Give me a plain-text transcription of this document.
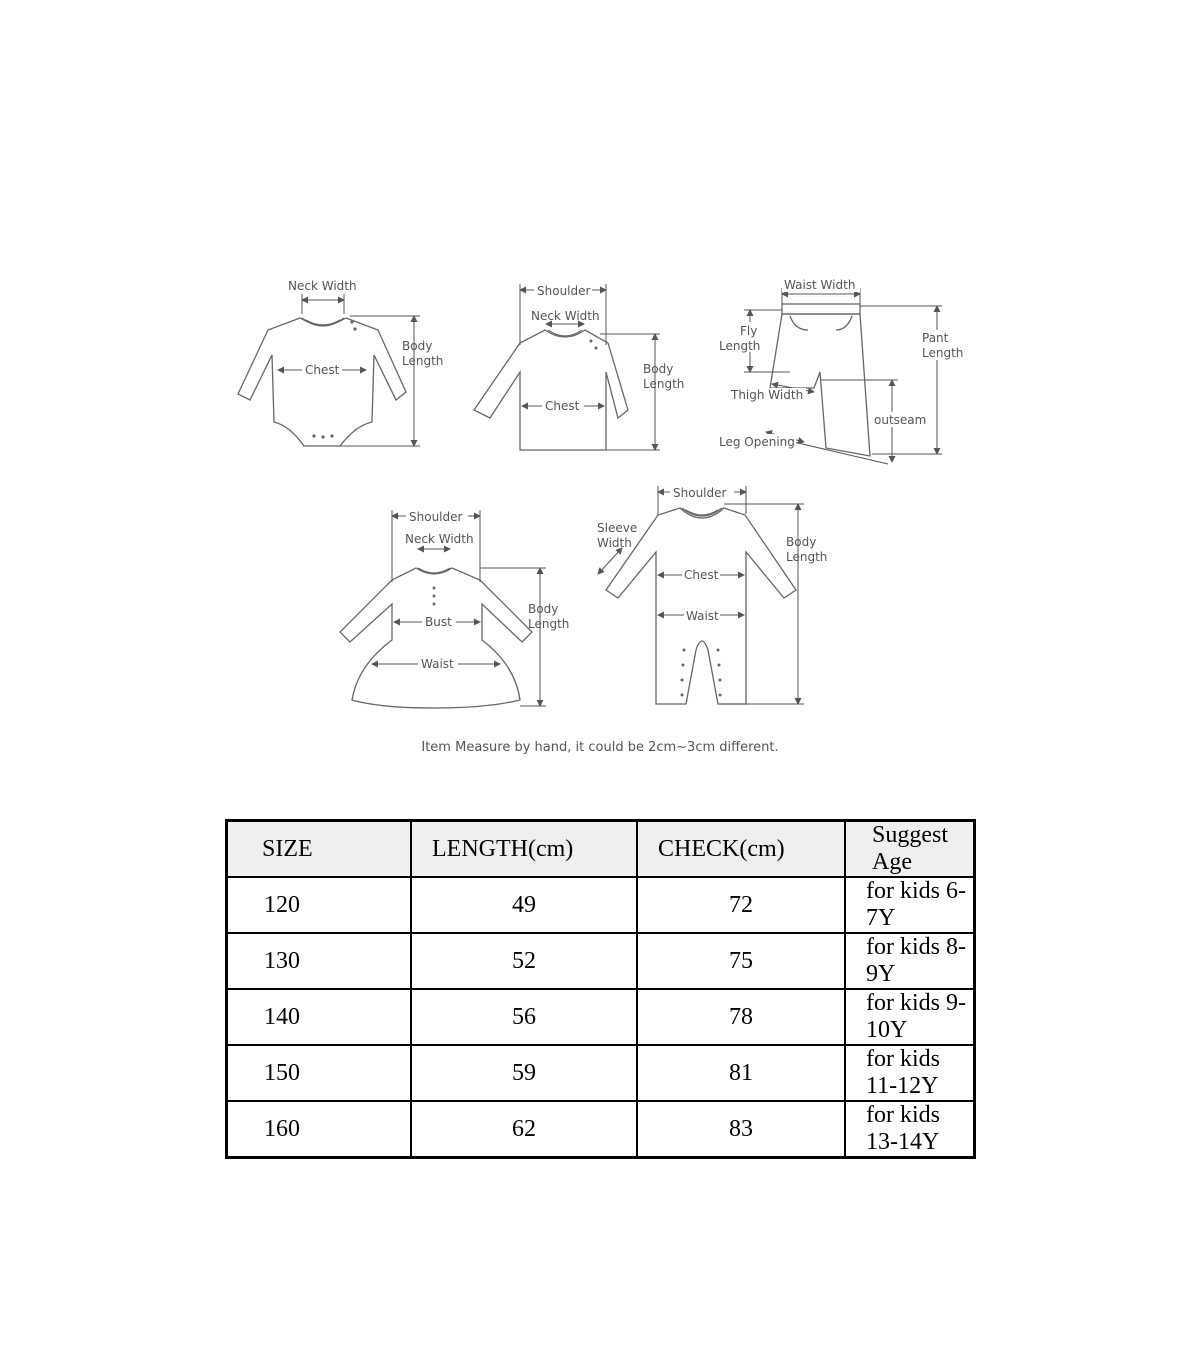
Neck Width
Chest
Body
Length
Shoulder
Neck Width
Chest
Body
Length
Waist Width
Fly
Length
Pant
Length
Thigh Width
outseam
Leg Opening
Shoulder
Neck Width
Bust
Waist
Body
Length
Shoulder
Sleeve
Width
Chest
Waist
Body
Length
Item Measure by hand, it could be 2cm~3cm different.
SIZE	LENGTH(cm)	CHECK(cm)	Suggest Age
120	49	72	for kids 6-7Y
130	52	75	for kids 8-9Y
140	56	78	for kids 9-10Y
150	59	81	for kids 11-12Y
160	62	83	for kids 13-14Y
